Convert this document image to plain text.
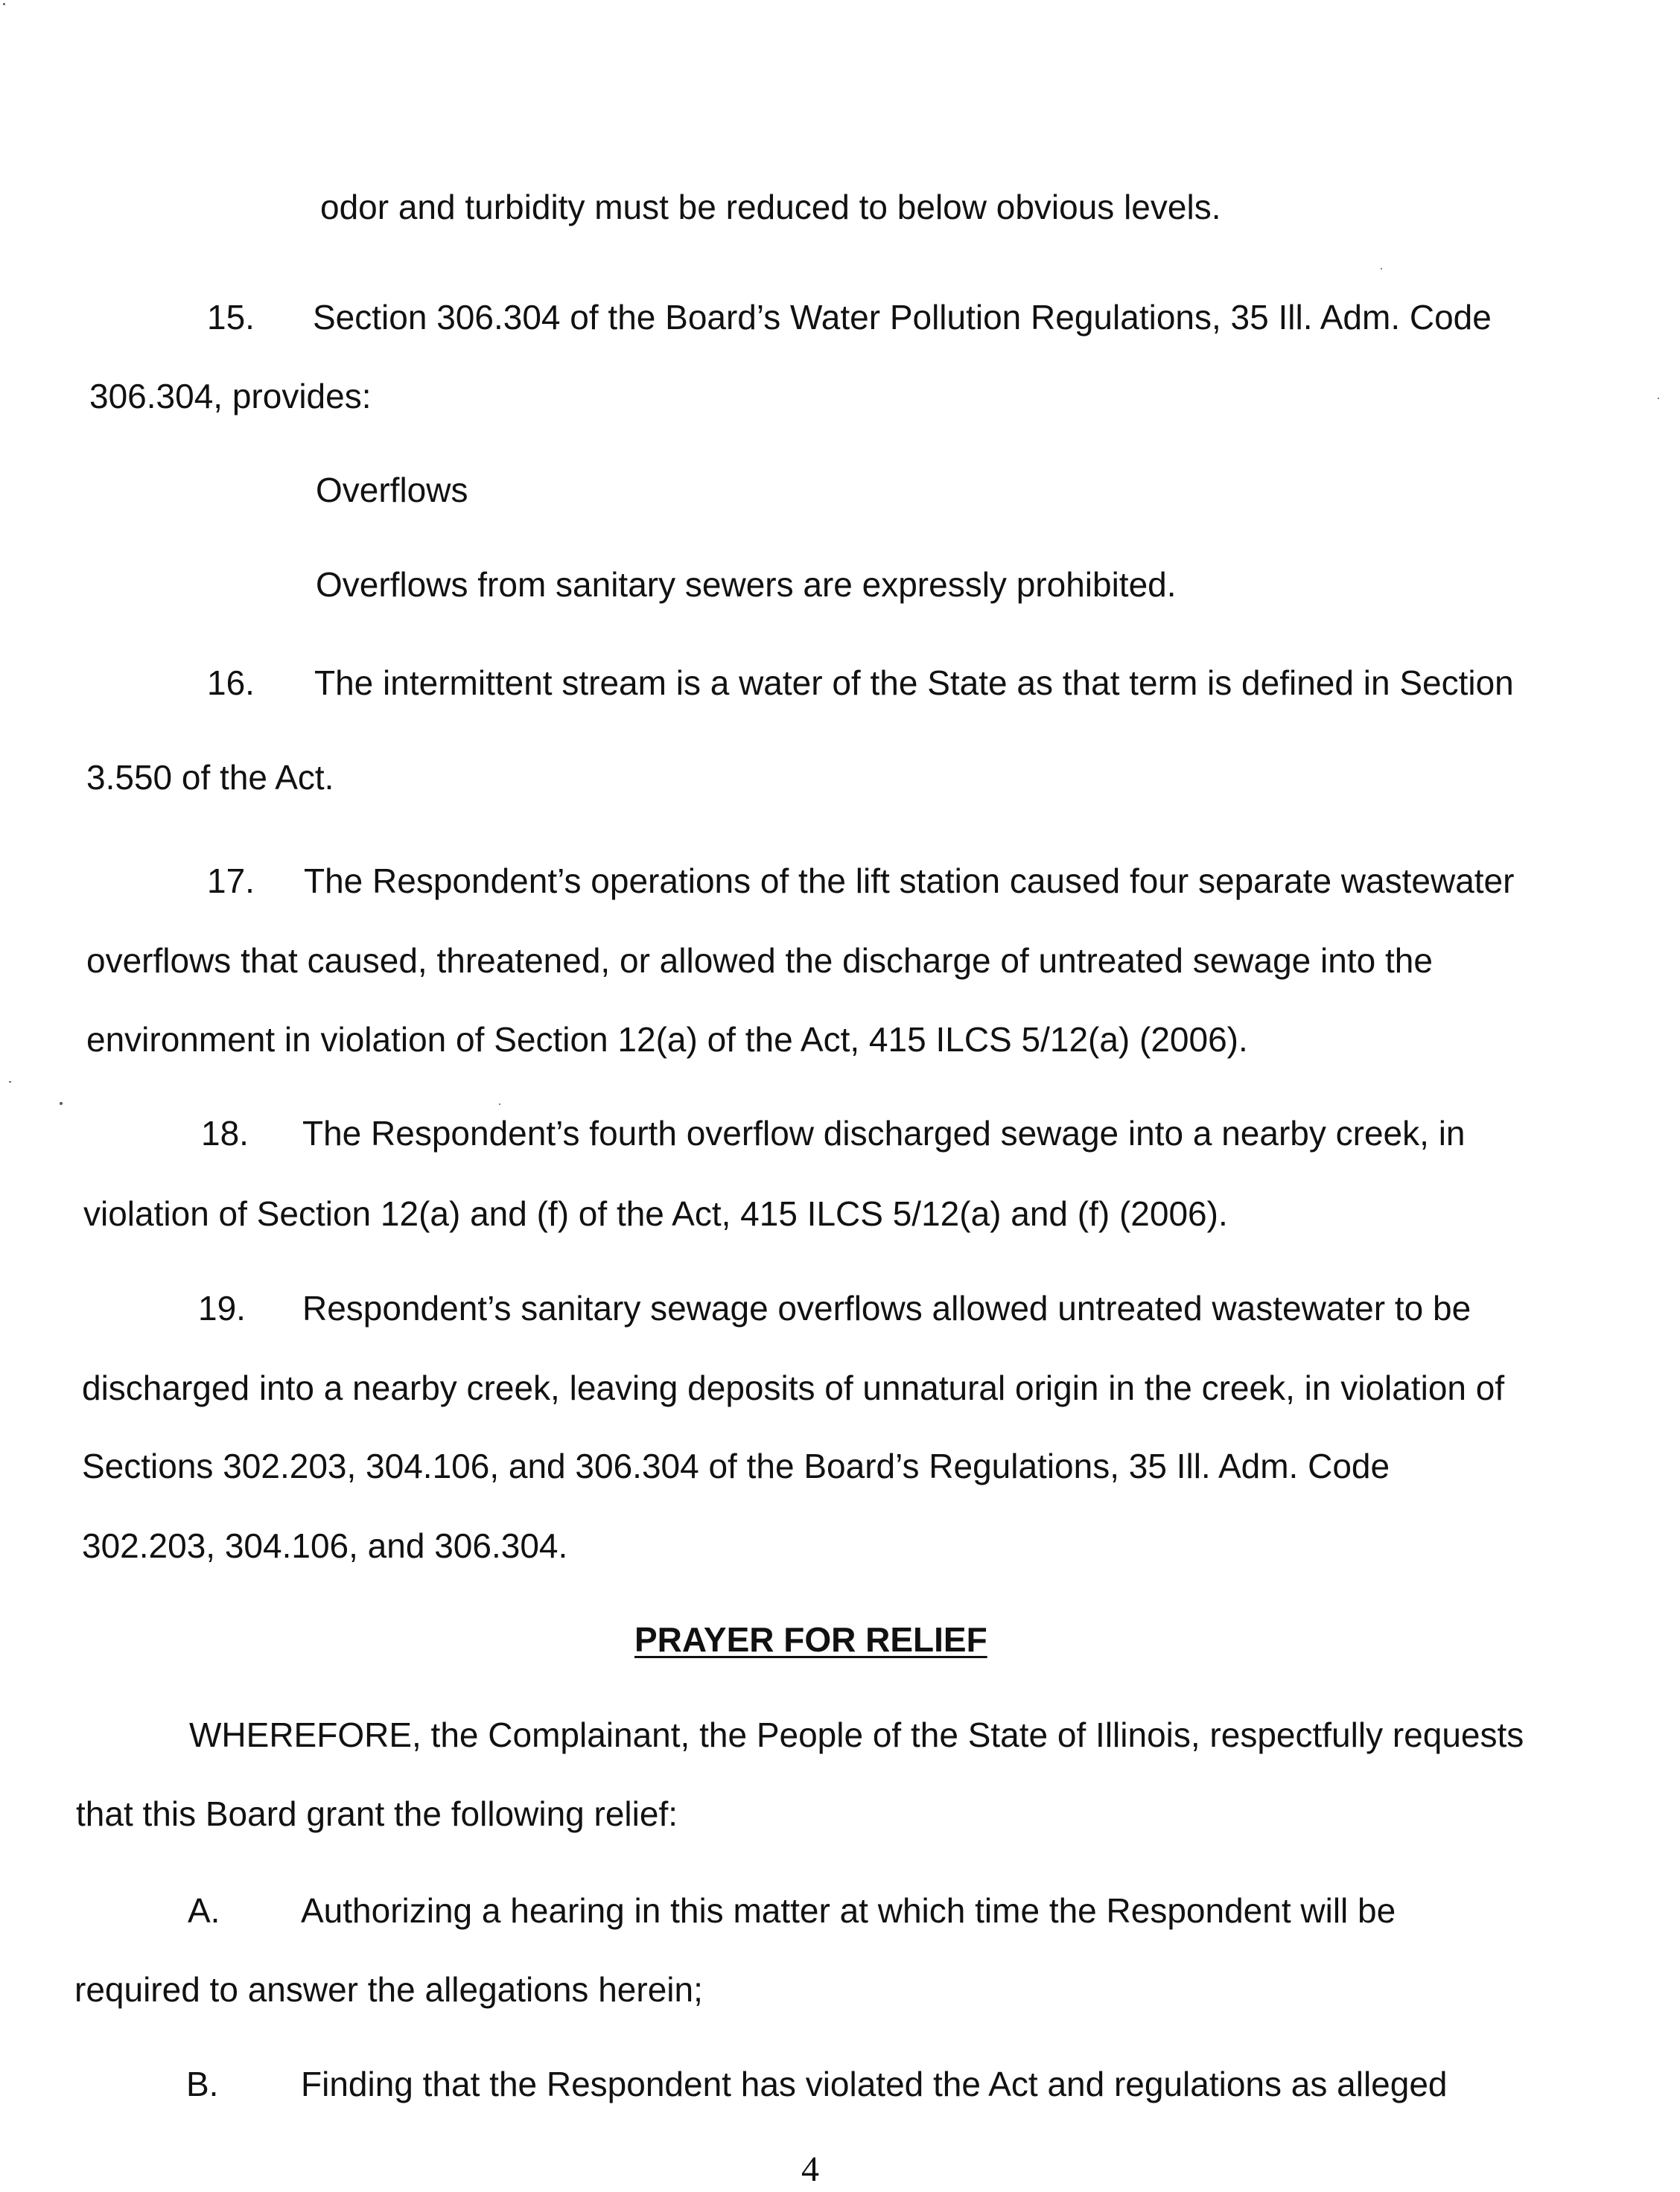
odor and turbidity must be reduced to below obvious levels.
15. Section 306.304 of the Board’s Water Pollution Regulations, 35 Ill. Adm. Code
306.304, provides:
Overflows
Overflows from sanitary sewers are expressly prohibited.
16. The intermittent stream is a water of the State as that term is defined in Section
3.550 of the Act.
17. The Respondent’s operations of the lift station caused four separate wastewater
overflows that caused, threatened, or allowed the discharge of untreated sewage into the
environment in violation of Section 12(a) of the Act, 415 ILCS 5/12(a) (2006).
18. The Respondent’s fourth overflow discharged sewage into a nearby creek, in
violation of Section 12(a) and (f) of the Act, 415 ILCS 5/12(a) and (f) (2006).
19. Respondent’s sanitary sewage overflows allowed untreated wastewater to be
discharged into a nearby creek, leaving deposits of unnatural origin in the creek, in violation of
Sections 302.203, 304.106, and 306.304 of the Board’s Regulations, 35 Ill. Adm. Code
302.203, 304.106, and 306.304.
PRAYER FOR RELIEF
WHEREFORE, the Complainant, the People of the State of Illinois, respectfully requests
that this Board grant the following relief:
A. Authorizing a hearing in this matter at which time the Respondent will be
required to answer the allegations herein;
B. Finding that the Respondent has violated the Act and regulations as alleged
4
